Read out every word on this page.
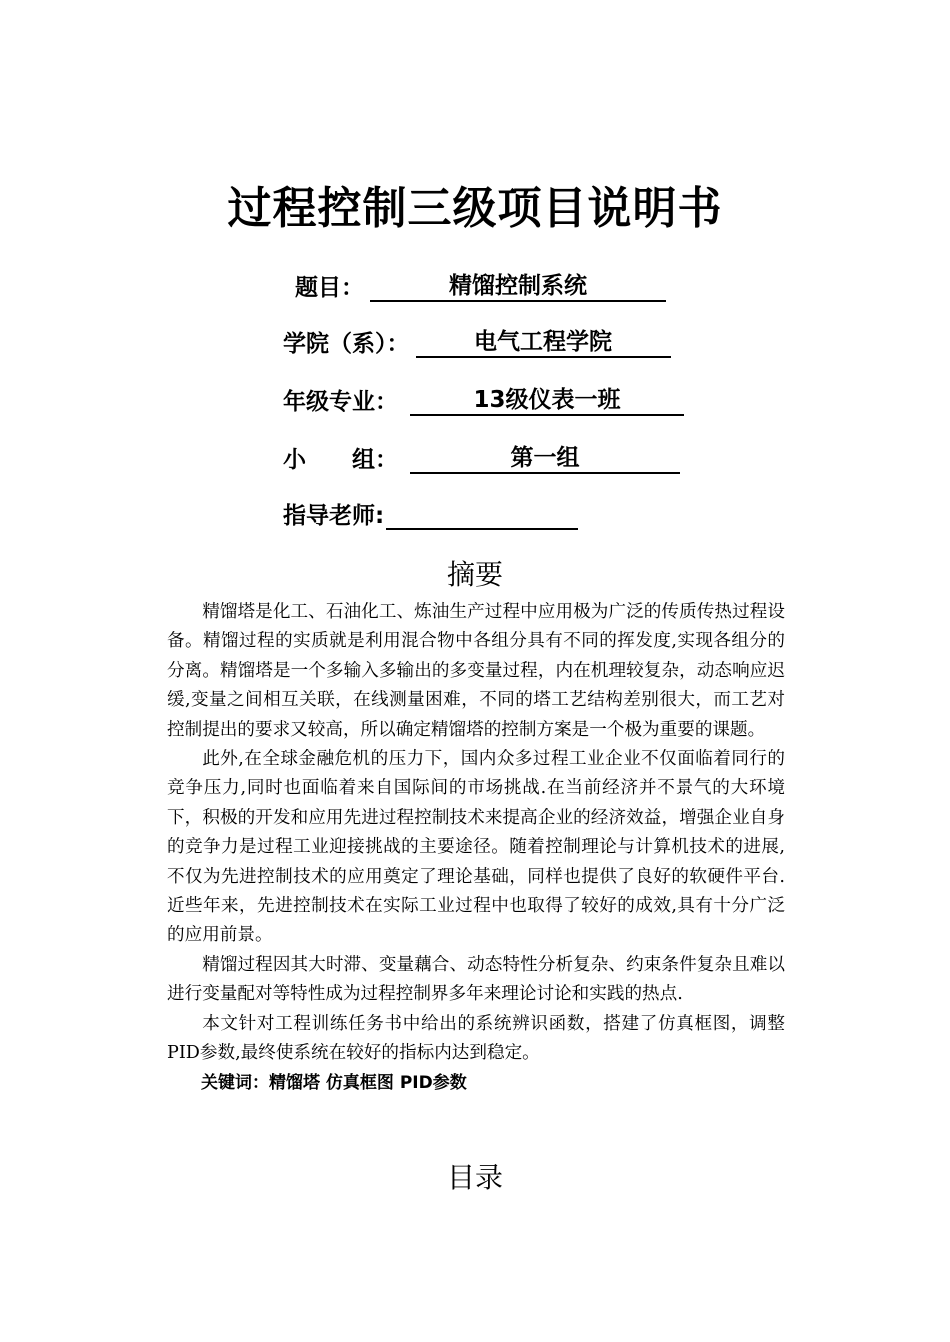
过程控制三级项目说明书
题目：	精馏控制系统
学院（系）：	电气工程学院
年级专业：	13级仪表一班
小　　组：	第一组
指导老师:
摘要

精馏塔是化工、石油化工、炼油生产过程中应用极为广泛的传质传热过程设备。精馏过程的实质就是利用混合物中各组分具有不同的挥发度,实现各组分的分离。精馏塔是一个多输入多输出的多变量过程，内在机理较复杂，动态响应迟缓,变量之间相互关联，在线测量困难，不同的塔工艺结构差别很大，而工艺对控制提出的要求又较高，所以确定精馏塔的控制方案是一个极为重要的课题。

此外,在全球金融危机的压力下，国内众多过程工业企业不仅面临着同行的竞争压力,同时也面临着来自国际间的市场挑战.在当前经济并不景气的大环境下，积极的开发和应用先进过程控制技术来提高企业的经济效益，增强企业自身的竞争力是过程工业迎接挑战的主要途径。随着控制理论与计算机技术的进展,不仅为先进控制技术的应用奠定了理论基础，同样也提供了良好的软硬件平台.近些年来，先进控制技术在实际工业过程中也取得了较好的成效,具有十分广泛的应用前景。

精馏过程因其大时滞、变量藕合、动态特性分析复杂、约束条件复杂且难以进行变量配对等特性成为过程控制界多年来理论讨论和实践的热点.

本文针对工程训练任务书中给出的系统辨识函数，搭建了仿真框图，调整PID参数,最终使系统在较好的指标内达到稳定。

关键词：精馏塔 仿真框图 PID参数

目录
